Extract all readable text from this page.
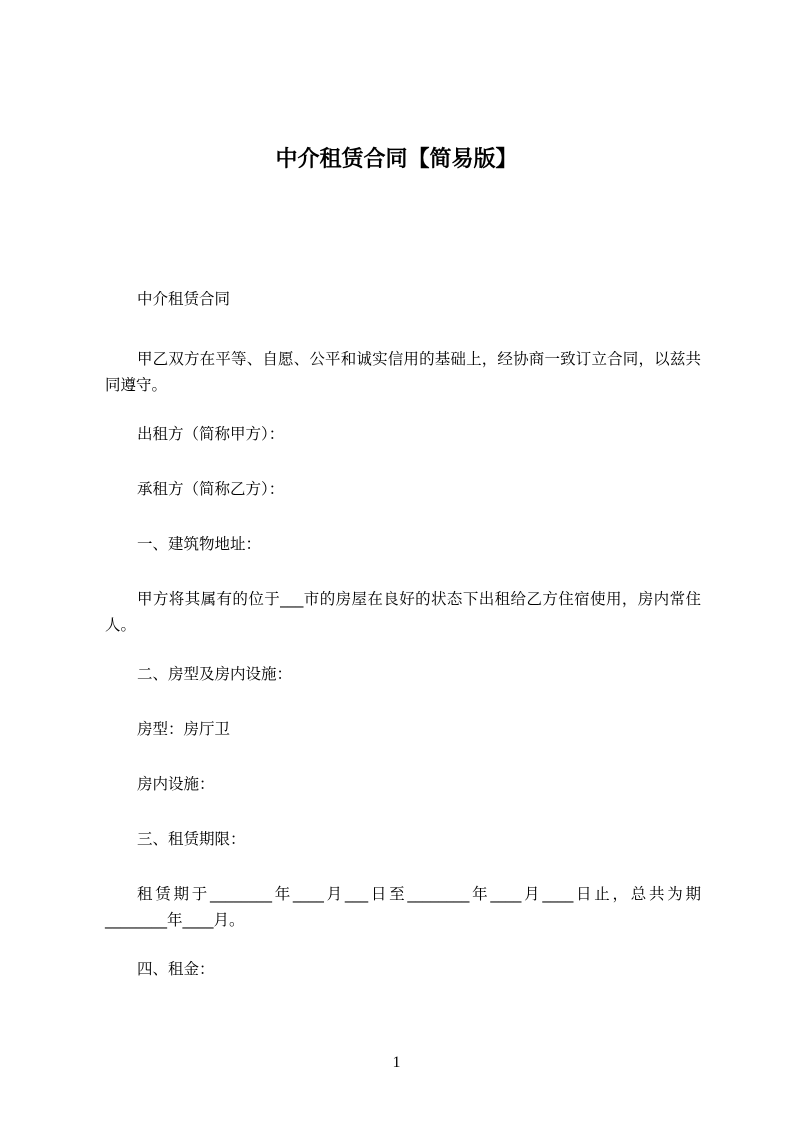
中介租赁合同【简易版】
中介租赁合同
甲乙双方在平等、自愿、公平和诚实信用的基础上，经协商一致订立合同，以兹共同遵守。
出租方（简称甲方）：
承租方（简称乙方）：
一、建筑物地址：
甲方将其属有的位于___市的房屋在良好的状态下出租给乙方住宿使用，房内常住人。
二、房型及房内设施：
房型：房厅卫
房内设施：
三、租赁期限：
租赁期于________年____月___日至________年____月____日止，总共为期________年____月。
四、租金：
1
